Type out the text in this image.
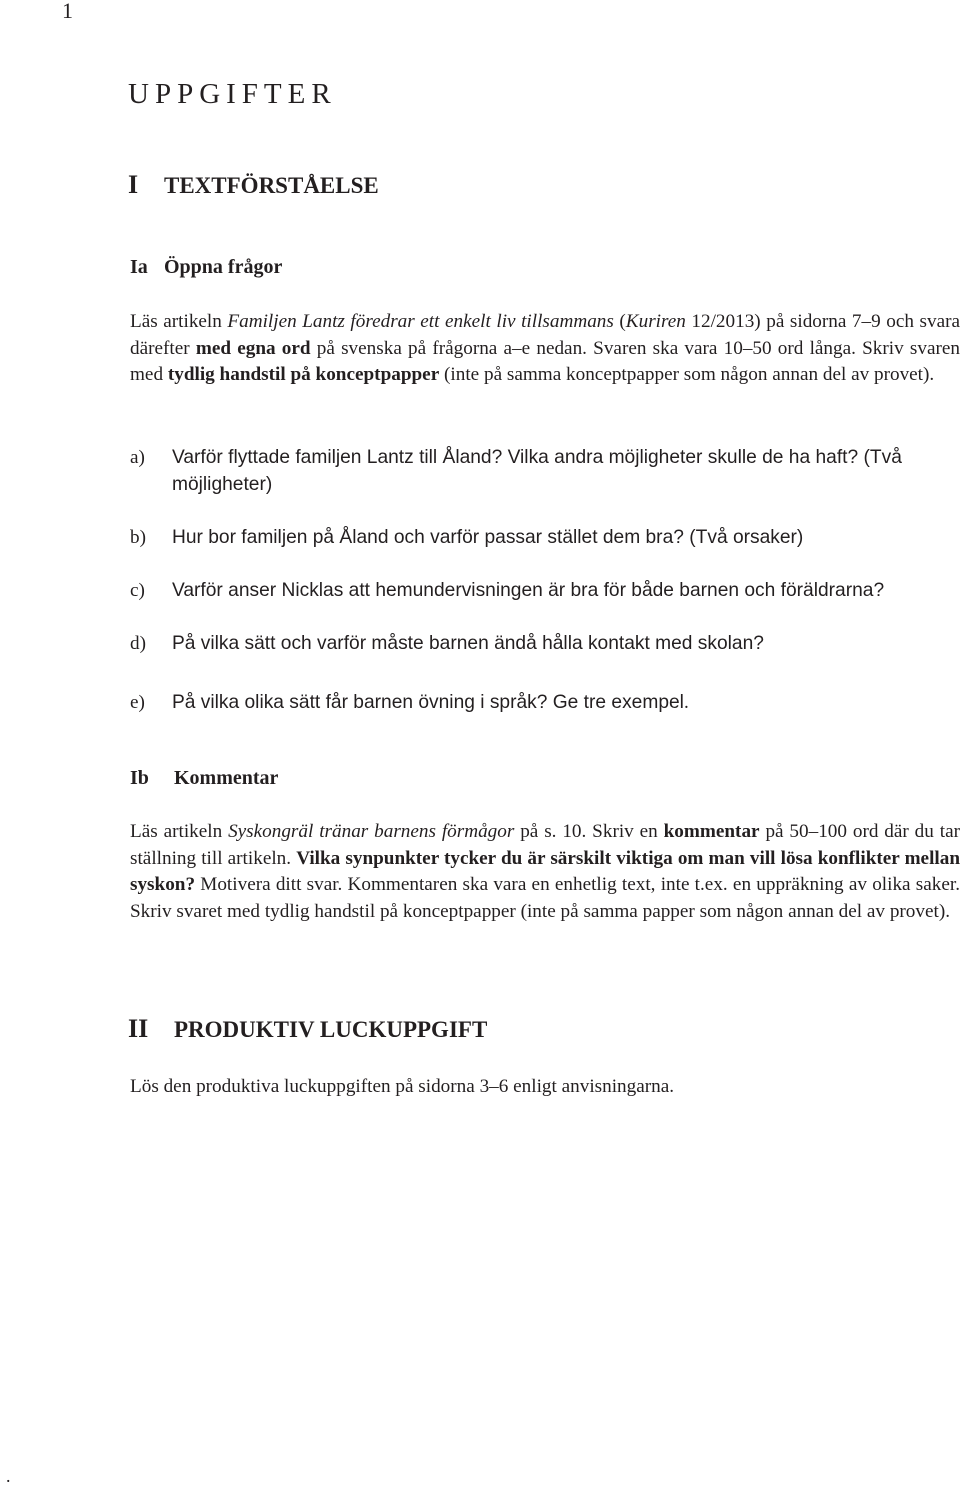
1
UPPGIFTER
I TEXTFÖRSTÅELSE
Ia Öppna frågor
Läs artikeln Familjen Lantz föredrar ett enkelt liv tillsammans (Kuriren 12/2013) på sidorna 7–9 och svara därefter med egna ord på svenska på frågorna a–e nedan. Svaren ska vara 10–50 ord långa. Skriv svaren med tydlig handstil på konceptpapper (inte på samma konceptpapper som någon annan del av provet).
a) Varför flyttade familjen Lantz till Åland? Vilka andra möjligheter skulle de ha haft? (Två möjligheter)
b) Hur bor familjen på Åland och varför passar stället dem bra? (Två orsaker)
c) Varför anser Nicklas att hemundervisningen är bra för både barnen och föräldrarna?
d) På vilka sätt och varför måste barnen ändå hålla kontakt med skolan?
e) På vilka olika sätt får barnen övning i språk? Ge tre exempel.
Ib Kommentar
Läs artikeln Syskongräl tränar barnens förmågor på s. 10. Skriv en kommentar på 50–100 ord där du tar ställning till artikeln. Vilka synpunkter tycker du är särskilt viktiga om man vill lösa konflikter mellan syskon? Motivera ditt svar. Kommentaren ska vara en enhetlig text, inte t.ex. en uppräkning av olika saker. Skriv svaret med tydlig handstil på konceptpapper (inte på samma papper som någon annan del av provet).
II PRODUKTIV LUCKUPPGIFT
Lös den produktiva luckuppgiften på sidorna 3–6 enligt anvisningarna.
.
